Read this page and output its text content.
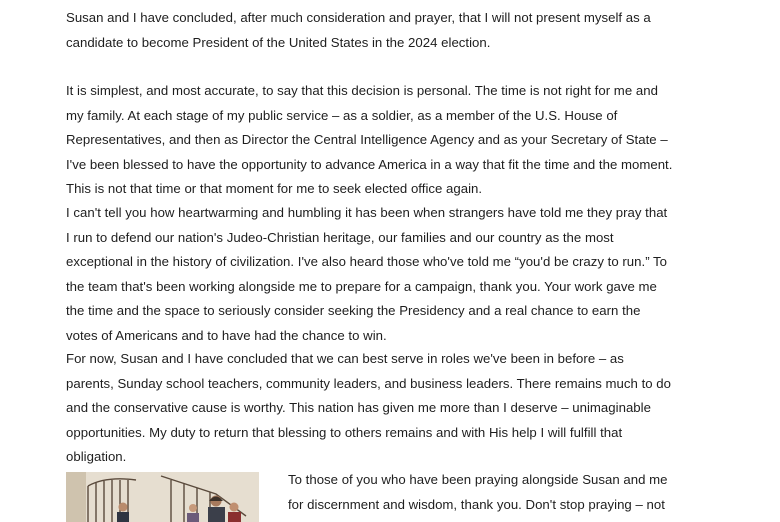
Susan and I have concluded, after much consideration and prayer, that I will not present myself as a
candidate to become President of the United States in the 2024 election.

It is simplest, and most accurate, to say that this decision is personal. The time is not right for me and
my family. At each stage of my public service – as a soldier, as a member of the U.S. House of
Representatives, and then as Director the Central Intelligence Agency and as your Secretary of State –
I've been blessed to have the opportunity to advance America in a way that fit the time and the moment.
This is not that time or that moment for me to seek elected office again.

I can't tell you how heartwarming and humbling it has been when strangers have told me they pray that
I run to defend our nation's Judeo-Christian heritage, our families and our country as the most
exceptional in the history of civilization. I've also heard those who've told me “you'd be crazy to run.” To
the team that's been working alongside me to prepare for a campaign, thank you. Your work gave me
the time and the space to seriously consider seeking the Presidency and a real chance to earn the
votes of Americans and to have had the chance to win.

For now, Susan and I have concluded that we can best serve in roles we've been in before – as
parents, Sunday school teachers, community leaders, and business leaders. There remains much to do
and the conservative cause is worthy. This nation has given me more than I deserve – unimaginable
opportunities. My duty to return that blessing to others remains and with His help I will fulfill that
obligation.

To those of you who have been praying alongside Susan and me
for discernment and wisdom, thank you. Don't stop praying – not
